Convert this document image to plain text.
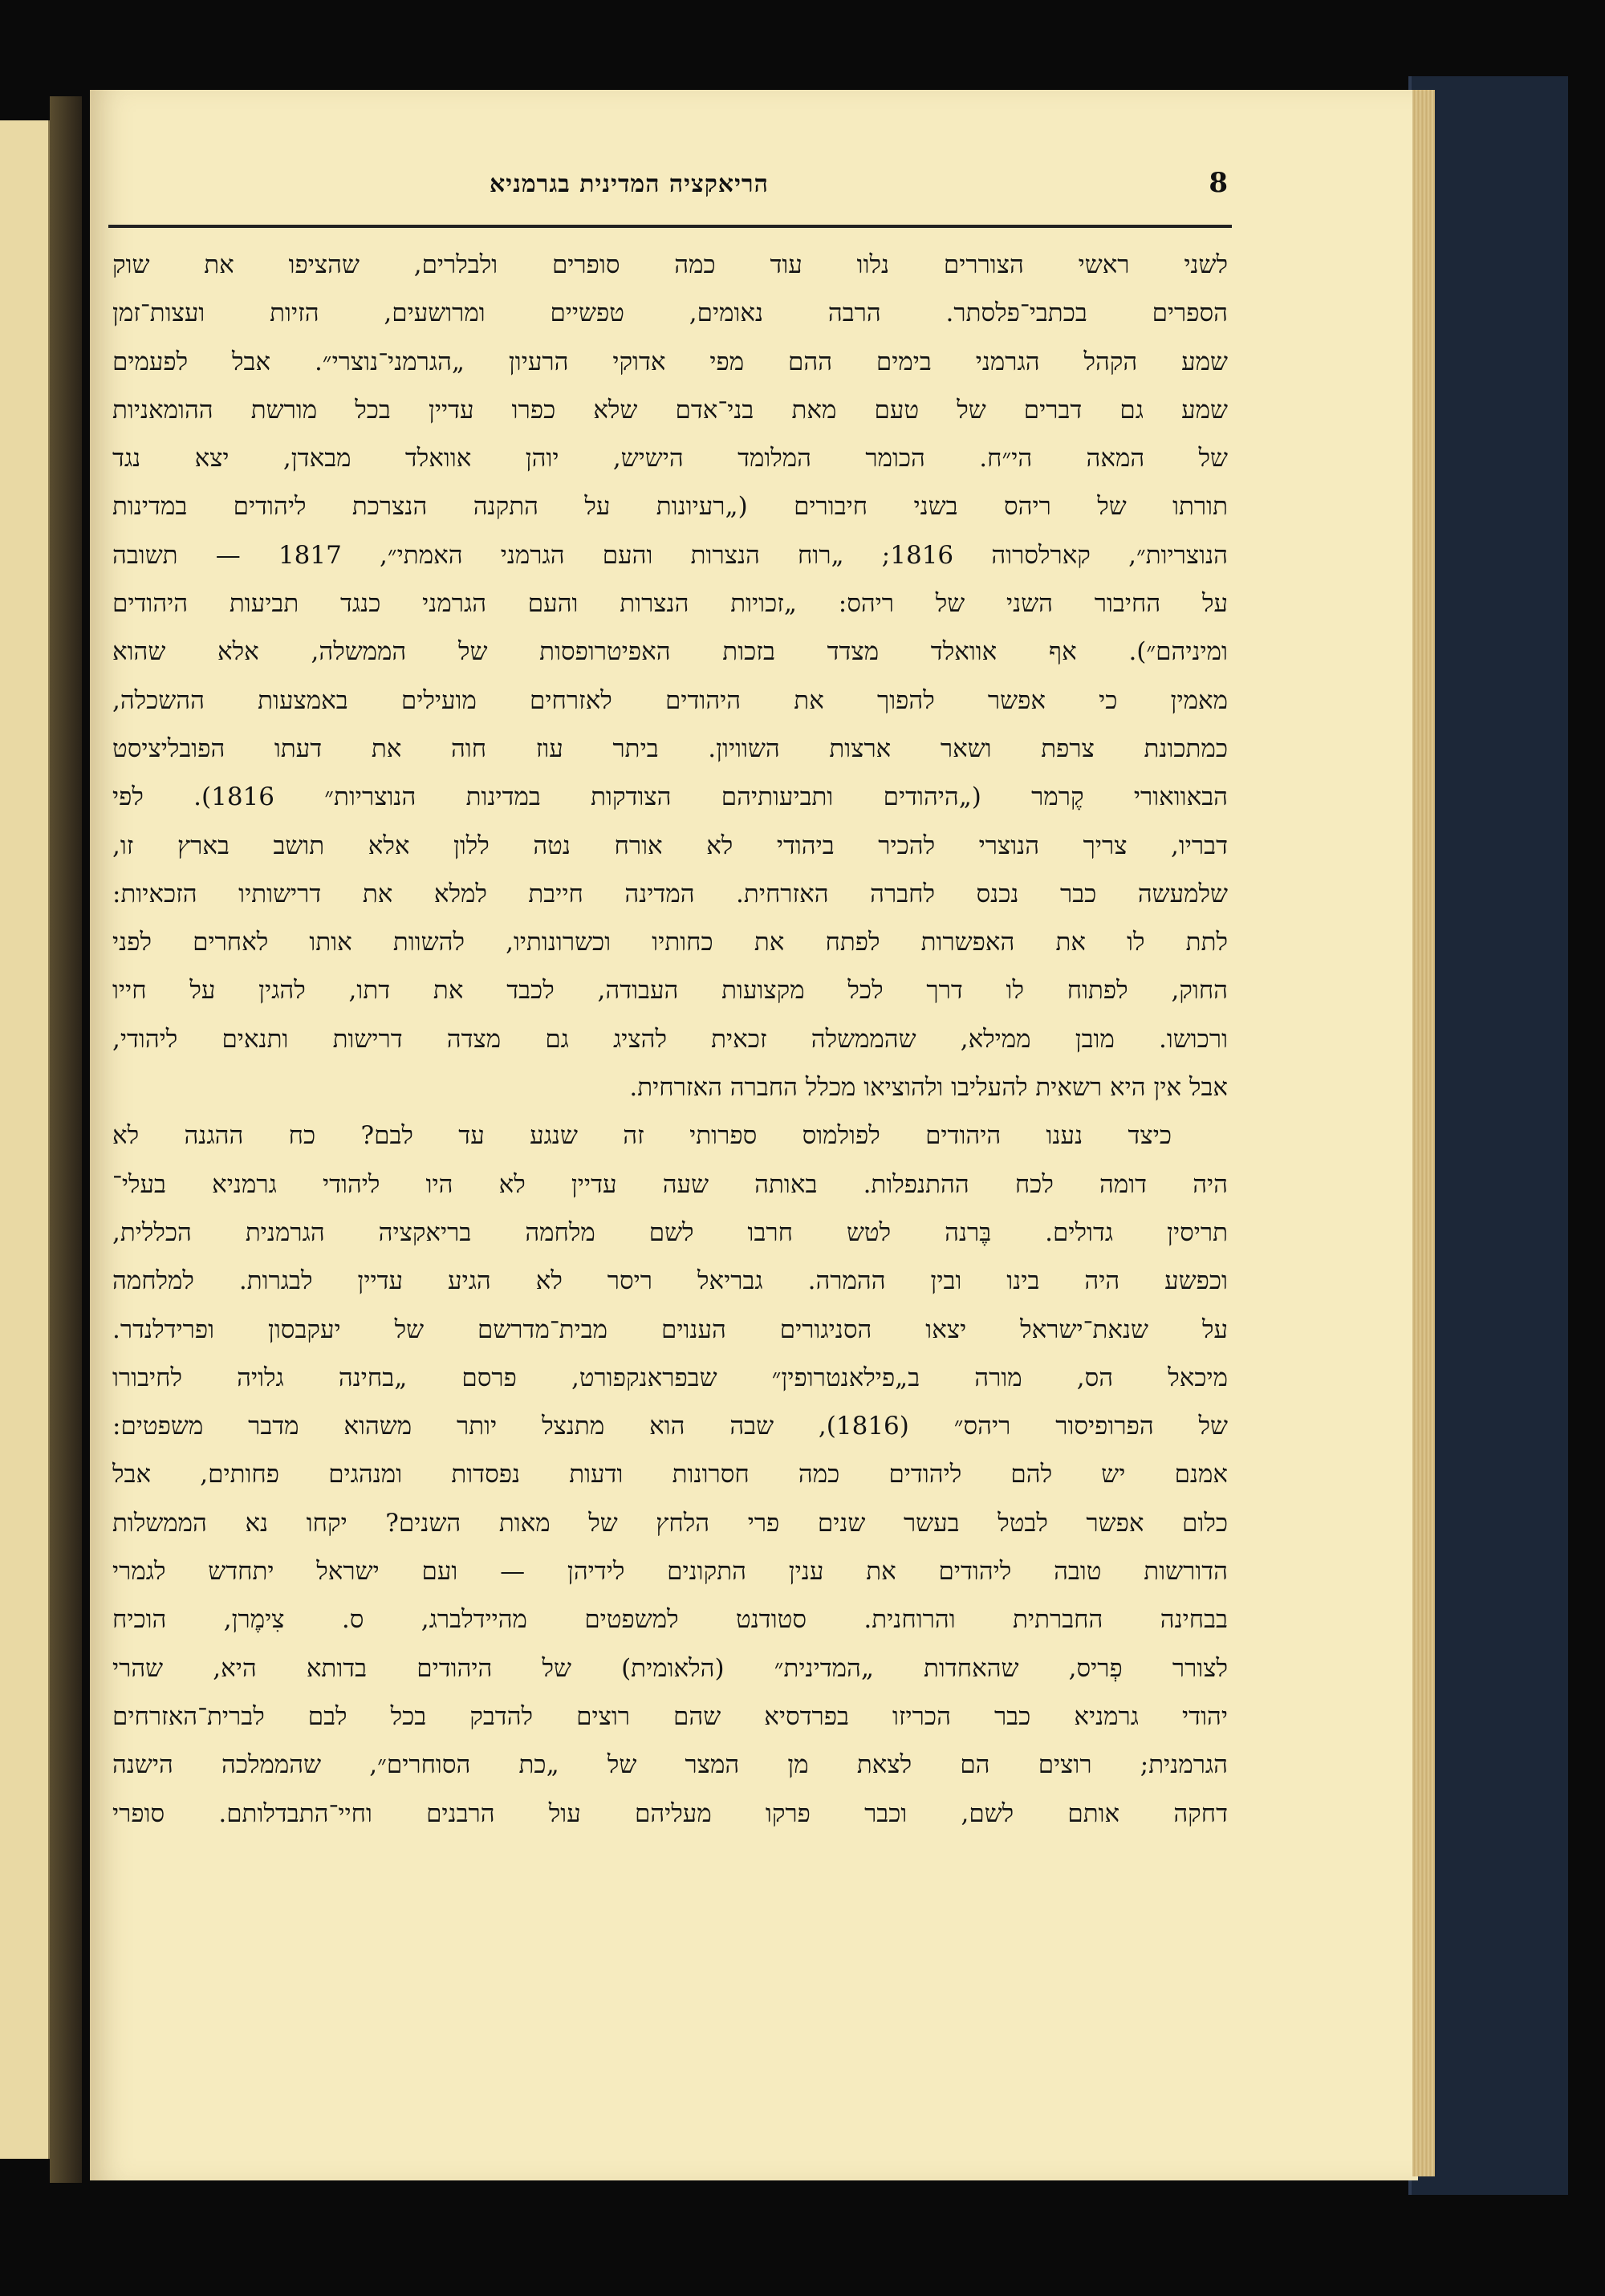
הריאקציה המדינית בגרמניא	8
לשני ראשי הצוררים נלוו עוד כמה סופרים ולבלרים, שהציפו את שוק
הספרים בכתבי־פלסתר. הרבה נאומים, טפשיים ומרושעים, הזיות ועצות־זמן
שמע הקהל הגרמני בימים ההם מפי אדוקי הרעיון „הגרמני־נוצרי״. אבל לפעמים
שמע גם דברים של טעם מאת בני־אדם שלא כפרו עדיין בכל מורשת ההומאניות
של המאה הי״ח. הכומר המלומד הישיש, יוהן אוואלד מבאדן, יצא נגד
תורתו של ריהס בשני חיבורים („רעיונות על התקנה הנצרכת ליהודים במדינות
הנוצריות״, קארלסרוה 1816; „רוח הנצרות והעם הגרמני האמתי״, 1817 — תשובה
על החיבור השני של ריהס: „זכויות הנצרות והעם הגרמני כנגד תביעות היהודים
ומיניהם״). אף אוואלד מצדד בזכות האפיטרופסות של הממשלה, אלא שהוא
מאמין כי אפשר להפוך את היהודים לאזרחים מועילים באמצעות ההשכלה,
כמתכונת צרפת ושאר ארצות השוויון. ביתר עוז חוה את דעתו הפובליציסט
הבאוואורי קֶרמר („היהודים ותביעותיהם הצודקות במדינות הנוצריות״ 1816). לפי
דבריו, צריך הנוצרי להכיר ביהודי לא אורח נטה ללון אלא תושב בארץ זו,
שלמעשה כבר נכנס לחברה האזרחית. המדינה חייבת למלא את דרישותיו הזכאיות:
לתת לו את האפשרות לפתח את כחותיו וכשרונותיו, להשוות אותו לאחרים לפני
החוק, לפתוח לו דרך לכל מקצועות העבודה, לכבד את דתו, להגין על חייו
ורכושו. מובן ממילא, שהממשלה זכאית להציג גם מצדה דרישות ותנאים ליהודי,
אבל אין היא רשאית להעליבו ולהוציאו מכלל החברה האזרחית.
כיצד נענו היהודים לפולמוס ספרותי זה שנגע עד לבם? כח ההגנה לא
היה דומה לכח ההתנפלות. באותה שעה עדיין לא היו ליהודי גרמניא בעלי־
תריסין גדולים. בֶּרנה לטש חרבו לשם מלחמה בריאקציה הגרמנית הכללית,
וכפשע היה בינו ובין ההמרה. גבריאל ריסר לא הגיע עדיין לבגרות. למלחמה
על שנאת־ישראל יצאו הסניגורים הענוים מבית־מדרשם של יעקבסון ופרידלנדר.
מיכאל הס, מורה ב„פילאנטרופין״ שבפראנקפורט, פרסם „בחינה גלויה לחיבורו
של הפרופיסור ריהס״ (1816), שבה הוא מתנצל יותר משהוא מדבר משפטים:
אמנם יש להם ליהודים כמה חסרונות ודעות נפסדות ומנהגים פחותים, אבל
כלום אפשר לבטל בעשר שנים פרי הלחץ של מאות השנים? יקחו נא הממשלות
הדורשות טובה ליהודים את ענין התקונים לידיהן — ועם ישראל יתחדש לגמרי
בבחינה החברתית והרוחנית. סטודנט למשפטים מהיידלברג, ס. צִימֶרן, הוכיח
לצורר פְריס, שהאחדות „המדינית״ (הלאומית) של היהודים בדותא היא, שהרי
יהודי גרמניא כבר הכריזו בפרדסיא שהם רוצים להדבק בכל לבם לברית־האזרחים
הגרמנית; רוצים הם לצאת מן המצר של „כת הסוחרים״, שהממלכה הישנה
דחקה אותם לשם, וכבר פרקו מעליהם עול הרבנים וחיי־התבדלותם. סופרי
